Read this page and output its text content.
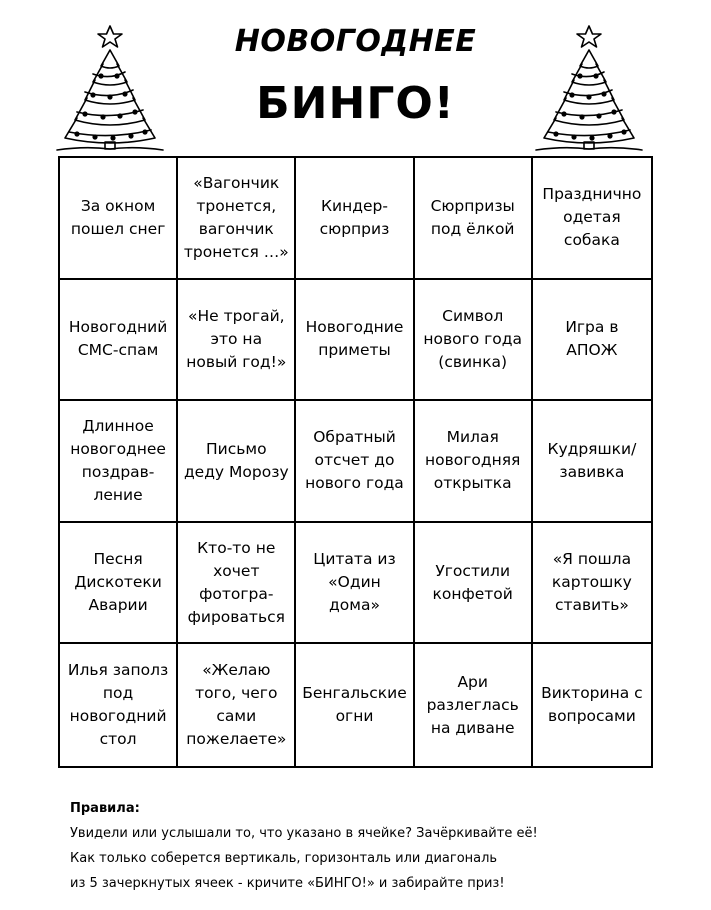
НОВОГОДНЕЕ
БИНГО!
За окном
пошел снег
«Вагончик
тронется,
вагончик
тронется …»
Киндер-
сюрприз
Сюрпризы
под ёлкой
Празднично
одетая
собака
Новогодний
СМС-спам
«Не трогай,
это на
новый год!»
Новогодние
приметы
Символ
нового года
(свинка)
Игра в
АПОЖ
Длинное
новогоднее
поздрав-
ление
Письмо
деду Морозу
Обратный
отсчет до
нового года
Милая
новогодняя
открытка
Кудряшки/
завивка
Песня
Дискотеки
Аварии
Кто-то не
хочет
фотогра-
фироваться
Цитата из
«Один
дома»
Угостили
конфетой
«Я пошла
картошку
ставить»
Илья заполз
под
новогодний
стол
«Желаю
того, чего
сами
пожелаете»
Бенгальские
огни
Ари
разлеглась
на диване
Викторина с
вопросами
Правила:
Увидели или услышали то, что указано в ячейке? Зачёркивайте её!
Как только соберется вертикаль, горизонталь или диагональ
из 5 зачеркнутых ячеек - кричите «БИНГО!» и забирайте приз!
